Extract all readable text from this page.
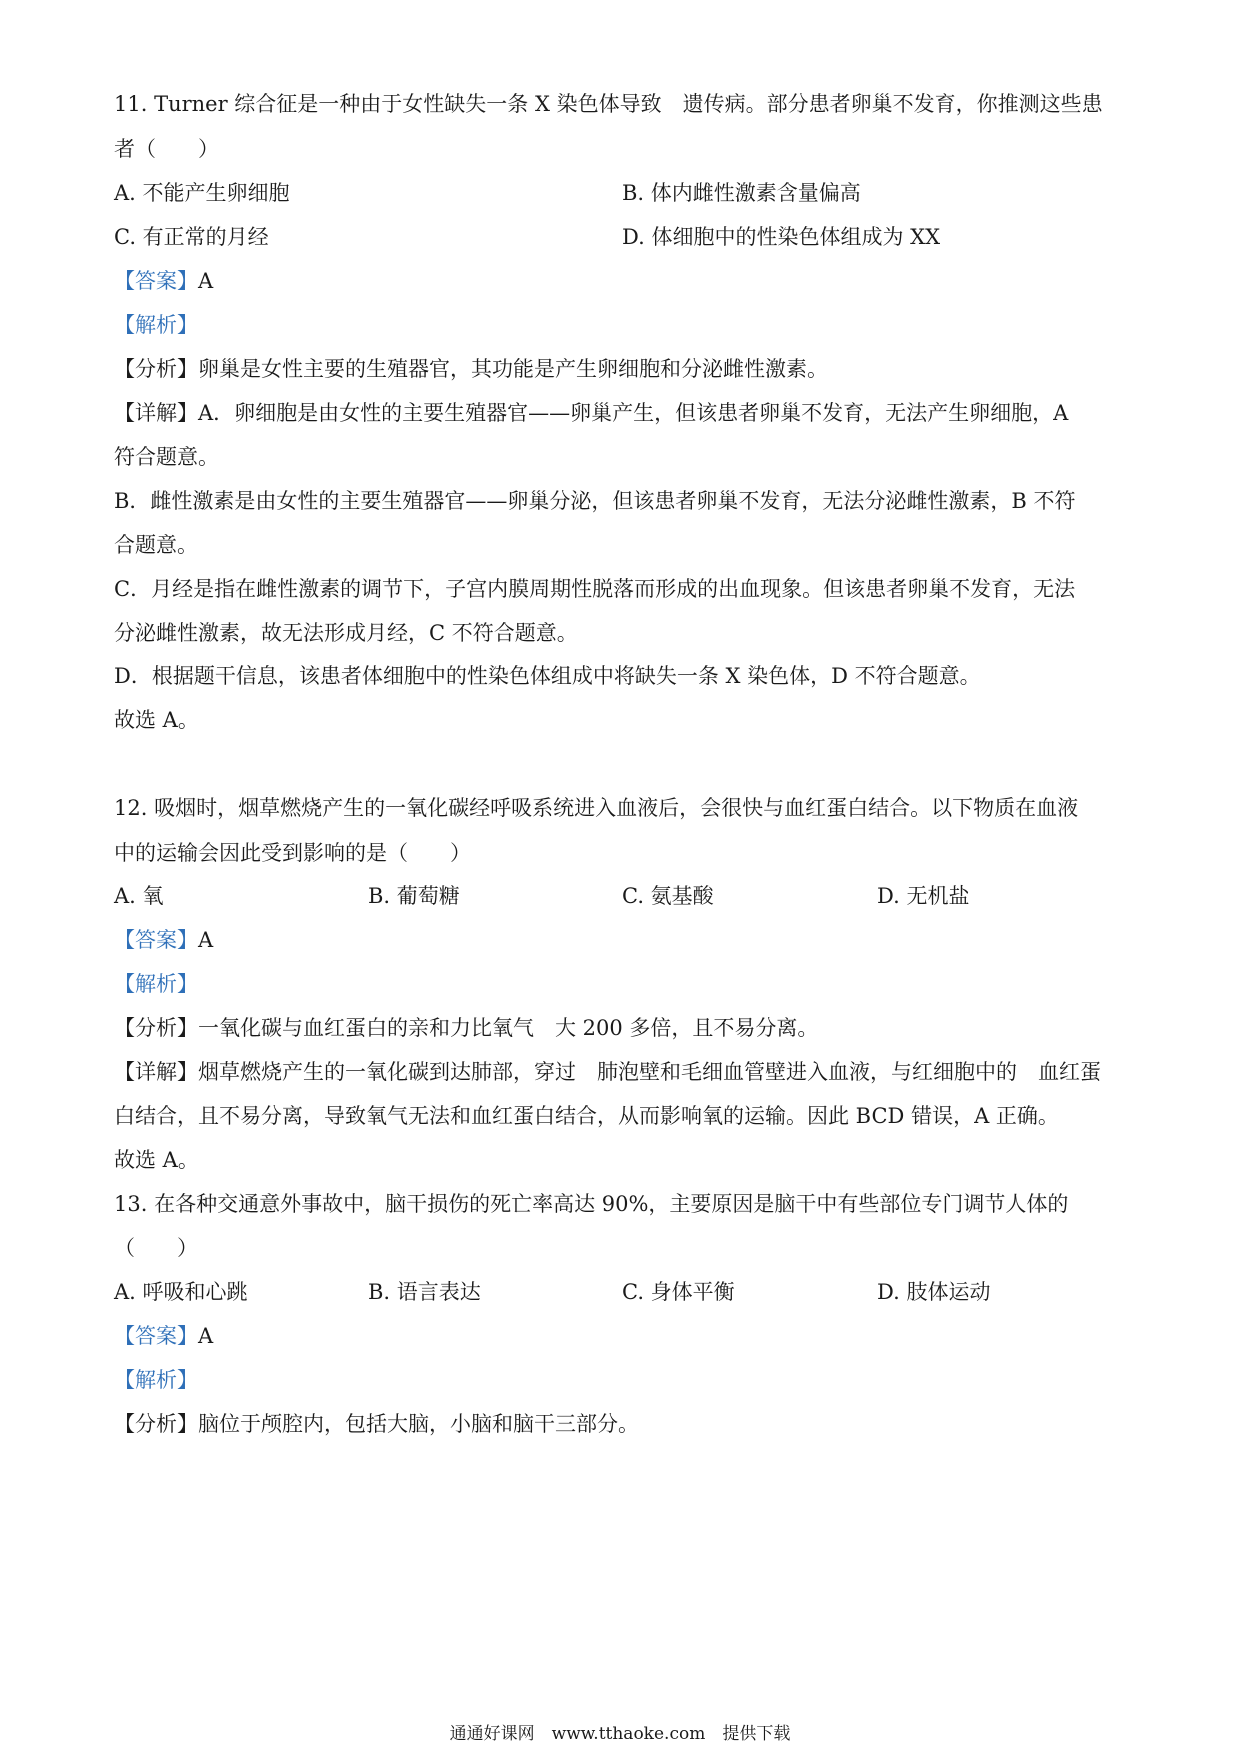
11. Turner 综合征是一种由于女性缺失一条 X 染色体导致　遗传病。部分患者卵巢不发育，你推测这些患
者（　　）
A. 不能产生卵细胞	B. 体内雌性激素含量偏高
C. 有正常的月经	D. 体细胞中的性染色体组成为 XX
【答案】A
【解析】
【分析】卵巢是女性主要的生殖器官，其功能是产生卵细胞和分泌雌性激素。
【详解】A．卵细胞是由女性的主要生殖器官——卵巢产生，但该患者卵巢不发育，无法产生卵细胞，A
符合题意。
B．雌性激素是由女性的主要生殖器官——卵巢分泌，但该患者卵巢不发育，无法分泌雌性激素，B 不符
合题意。
C．月经是指在雌性激素的调节下，子宫内膜周期性脱落而形成的出血现象。但该患者卵巢不发育，无法
分泌雌性激素，故无法形成月经，C 不符合题意。
D．根据题干信息，该患者体细胞中的性染色体组成中将缺失一条 X 染色体，D 不符合题意。
故选 A。
12. 吸烟时，烟草燃烧产生的一氧化碳经呼吸系统进入血液后，会很快与血红蛋白结合。以下物质在血液
中的运输会因此受到影响的是（　　）
A. 氧	B. 葡萄糖	C. 氨基酸	D. 无机盐
【答案】A
【解析】
【分析】一氧化碳与血红蛋白的亲和力比氧气　大 200 多倍，且不易分离。
【详解】烟草燃烧产生的一氧化碳到达肺部，穿过　肺泡壁和毛细血管壁进入血液，与红细胞中的　血红蛋
白结合，且不易分离，导致氧气无法和血红蛋白结合，从而影响氧的运输。因此 BCD 错误，A 正确。
故选 A。
13. 在各种交通意外事故中，脑干损伤的死亡率高达 90%，主要原因是脑干中有些部位专门调节人体的
（　　）
A. 呼吸和心跳	B. 语言表达	C. 身体平衡	D. 肢体运动
【答案】A
【解析】
【分析】脑位于颅腔内，包括大脑，小脑和脑干三部分。
通通好课网　www.tthaoke.com　提供下载
